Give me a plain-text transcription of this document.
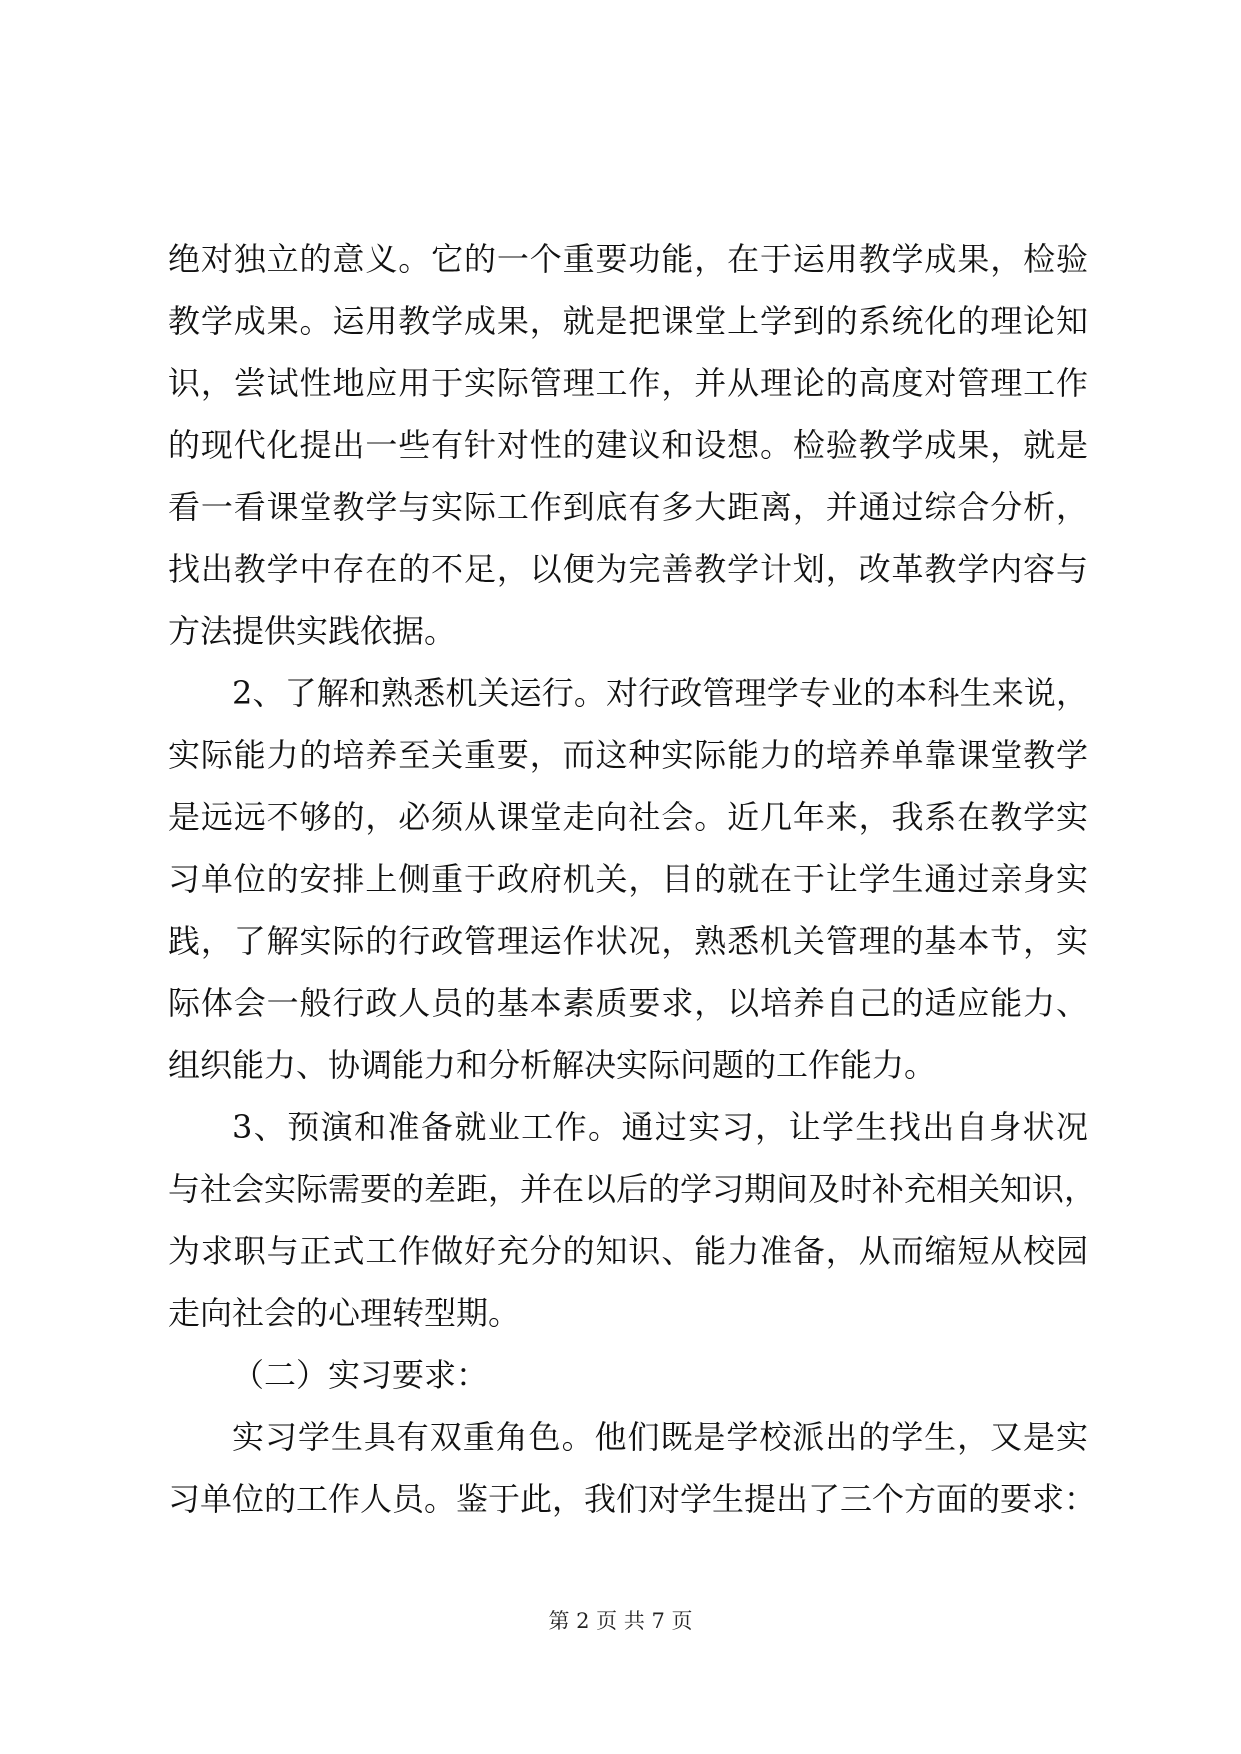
绝对独立的意义。它的一个重要功能，在于运用教学成果，检验
教学成果。运用教学成果，就是把课堂上学到的系统化的理论知
识，尝试性地应用于实际管理工作，并从理论的高度对管理工作
的现代化提出一些有针对性的建议和设想。检验教学成果，就是
看一看课堂教学与实际工作到底有多大距离，并通过综合分析，
找出教学中存在的不足，以便为完善教学计划，改革教学内容与
方法提供实践依据。
2、了解和熟悉机关运行。对行政管理学专业的本科生来说，
实际能力的培养至关重要，而这种实际能力的培养单靠课堂教学
是远远不够的，必须从课堂走向社会。近几年来，我系在教学实
习单位的安排上侧重于政府机关，目的就在于让学生通过亲身实
践，了解实际的行政管理运作状况，熟悉机关管理的基本节，实
际体会一般行政人员的基本素质要求，以培养自己的适应能力、
组织能力、协调能力和分析解决实际问题的工作能力。
3、预演和准备就业工作。通过实习，让学生找出自身状况
与社会实际需要的差距，并在以后的学习期间及时补充相关知识，
为求职与正式工作做好充分的知识、能力准备，从而缩短从校园
走向社会的心理转型期。
（二）实习要求：
实习学生具有双重角色。他们既是学校派出的学生，又是实
习单位的工作人员。鉴于此，我们对学生提出了三个方面的要求：
第 2 页 共 7 页
